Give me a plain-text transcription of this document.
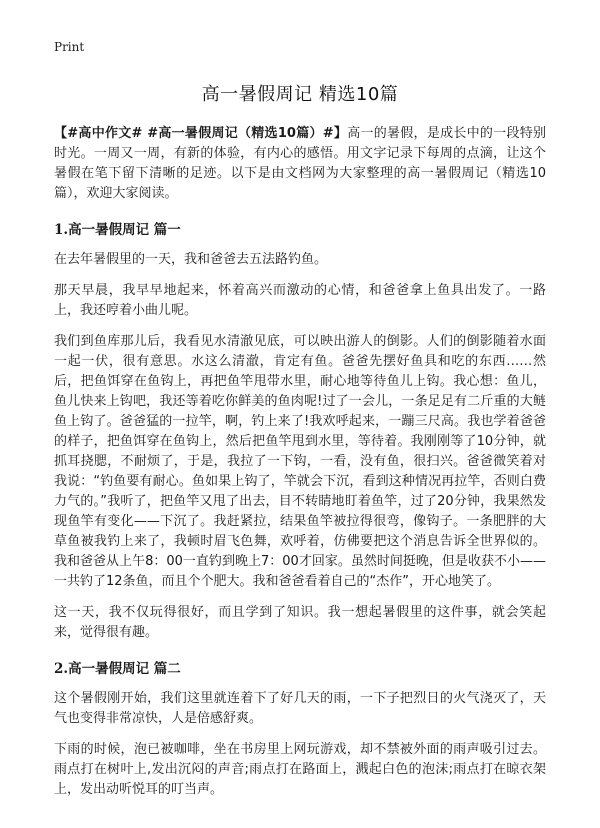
Print
高一暑假周记 精选10篇

【#高中作文# #高一暑假周记（精选10篇）#】高一的暑假，是成长中的一段特别时光。一周又一周，有新的体验，有内心的感悟。用文字记录下每周的点滴，让这个暑假在笔下留下清晰的足迹。以下是由文档网为大家整理的高一暑假周记（精选10篇），欢迎大家阅读。

1.高一暑假周记 篇一

在去年暑假里的一天，我和爸爸去五法路钓鱼。

那天早晨，我早早地起来，怀着高兴而激动的心情，和爸爸拿上鱼具出发了。一路上，我还哼着小曲儿呢。

我们到鱼库那儿后，我看见水清澈见底，可以映出游人的倒影。人们的倒影随着水面一起一伏，很有意思。水这么清澈，肯定有鱼。爸爸先摆好鱼具和吃的东西……然后，把鱼饵穿在鱼钩上，再把鱼竿甩带水里，耐心地等待鱼儿上钩。我心想：鱼儿，鱼儿快来上钩吧，我还等着吃你鲜美的鱼肉呢!过了一会儿，一条足足有二斤重的大鲢鱼上钩了。爸爸猛的一拉竿，啊，钓上来了!我欢呼起来，一蹦三尺高。我也学着爸爸的样子，把鱼饵穿在鱼钩上，然后把鱼竿甩到水里，等待着。我刚刚等了10分钟，就抓耳挠腮，不耐烦了，于是，我拉了一下钩，一看，没有鱼，很扫兴。爸爸微笑着对我说：“钓鱼要有耐心。鱼如果上钩了，竿就会下沉，看到这种情况再拉竿，否则白费力气的。”我听了，把鱼竿又甩了出去，目不转睛地盯着鱼竿，过了20分钟，我果然发现鱼竿有变化——下沉了。我赶紧拉，结果鱼竿被拉得很弯，像钩子。一条肥胖的大草鱼被我钓上来了，我顿时眉飞色舞，欢呼着，仿佛要把这个消息告诉全世界似的。我和爸爸从上午8：00一直钓到晚上7：00才回家。虽然时间挺晚，但是收获不小——一共钓了12条鱼，而且个个肥大。我和爸爸看着自己的“杰作”，开心地笑了。

这一天，我不仅玩得很好，而且学到了知识。我一想起暑假里的这件事，就会笑起来，觉得很有趣。

2.高一暑假周记 篇二

这个暑假刚开始，我们这里就连着下了好几天的雨，一下子把烈日的火气浇灭了，天气也变得非常凉快，人是倍感舒爽。

下雨的时候，泡已被咖啡，坐在书房里上网玩游戏，却不禁被外面的雨声吸引过去。雨点打在树叶上,发出沉闷的声音;雨点打在路面上，溅起白色的泡沫;雨点打在晾衣架上，发出动听悦耳的叮当声。
